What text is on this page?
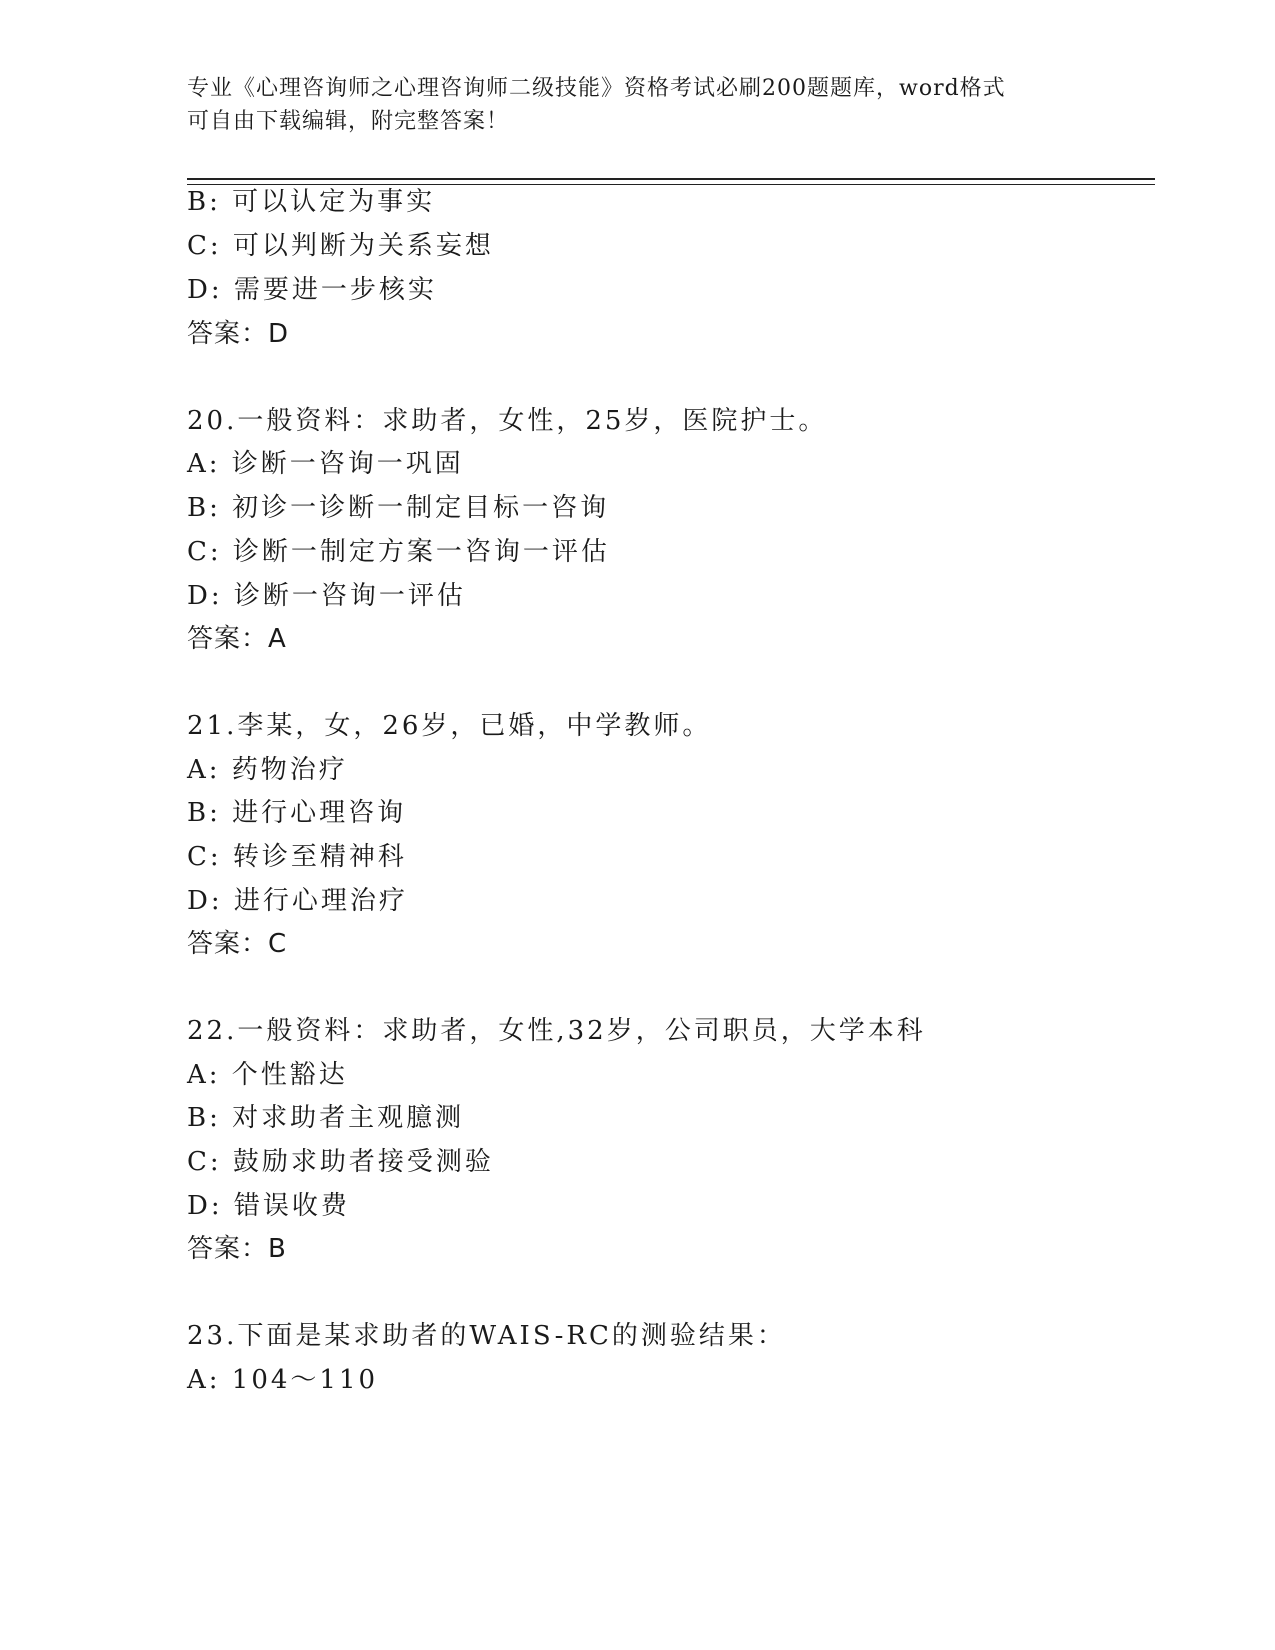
专业《心理咨询师之心理咨询师二级技能》资格考试必刷200题题库，word格式
可自由下载编辑，附完整答案！
B: 可以认定为事实
C: 可以判断为关系妄想
D: 需要进一步核实
答案：D
20.一般资料：求助者，女性，25岁，医院护士。
A: 诊断一咨询一巩固
B: 初诊一诊断一制定目标一咨询
C: 诊断一制定方案一咨询一评估
D: 诊断一咨询一评估
答案：A
21.李某，女，26岁，已婚，中学教师。
A: 药物治疗
B: 进行心理咨询
C: 转诊至精神科
D: 进行心理治疗
答案：C
22.一般资料：求助者，女性,32岁，公司职员，大学本科
A: 个性豁达
B: 对求助者主观臆测
C: 鼓励求助者接受测验
D: 错误收费
答案：B
23.下面是某求助者的WAIS-RC的测验结果：
A: 104～110
